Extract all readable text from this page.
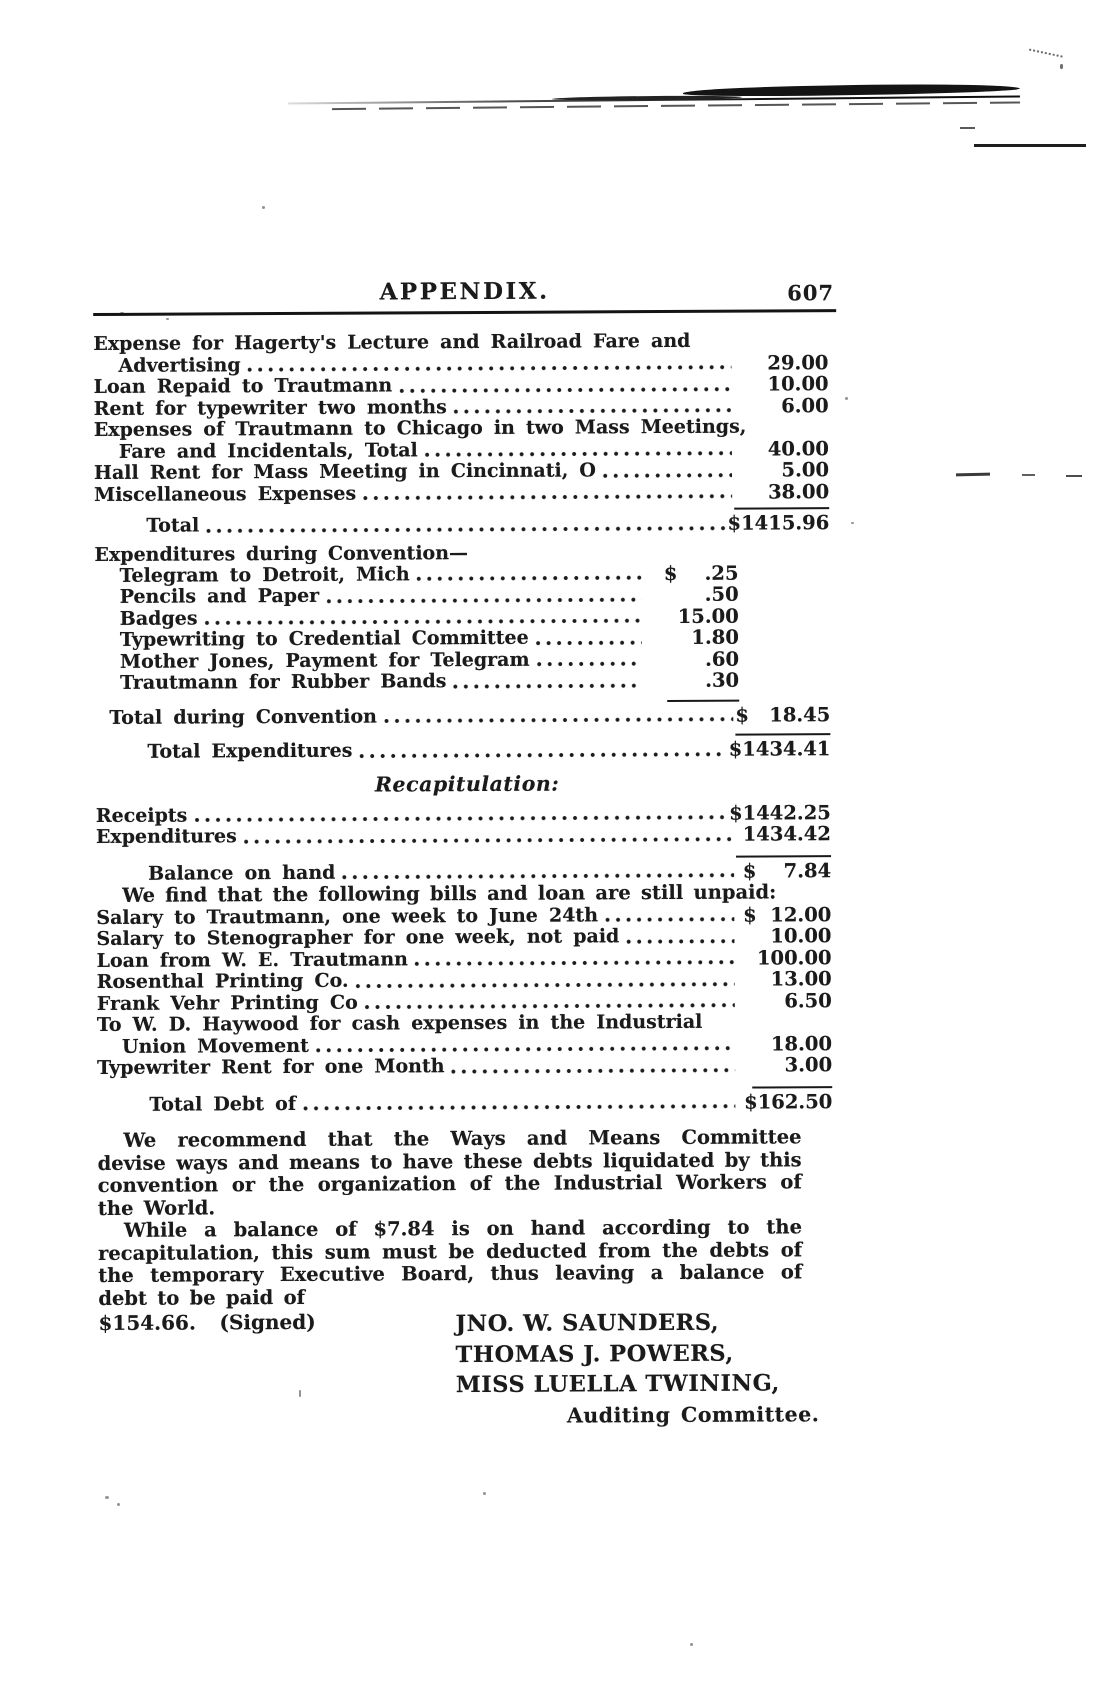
APPENDIX.	607
Expense for Hagerty's Lecture and Railroad Fare and
Advertising	29.00
Loan Repaid to Trautmann	10.00
Rent for typewriter two months	6.00
Expenses of Trautmann to Chicago in two Mass Meetings,
Fare and Incidentals, Total	40.00
Hall Rent for Mass Meeting in Cincinnati, O	5.00
Miscellaneous Expenses	38.00
Total	$1415.96
Expenditures during Convention—
Telegram to Detroit, Mich	$    .25
Pencils and Paper	.50
Badges	15.00
Typewriting to Credential Committee	1.80
Mother Jones, Payment for Telegram	.60
Trautmann for Rubber Bands	.30
Total during Convention	$   18.45
Total Expenditures	$1434.41
Recapitulation:
Receipts	$1442.25
Expenditures	1434.42
Balance on hand	$    7.84
We find that the following bills and loan are still unpaid:
Salary to Trautmann, one week to June 24th	$  12.00
Salary to Stenographer for one week, not paid	10.00
Loan from W. E. Trautmann	100.00
Rosenthal Printing Co.	13.00
Frank Vehr Printing Co	6.50
To W. D. Haywood for cash expenses in the Industrial
Union Movement	18.00
Typewriter Rent for one Month	3.00
Total Debt of	$162.50
We recommend that the Ways and Means Committee devise ways and means to have these debts liquidated by this convention or the organization of the Industrial Workers of the World.
While a balance of $7.84 is on hand according to the recapitulation, this sum must be deducted from the debts of the temporary Executive Board, thus leaving a balance of debt to be paid of
$154.66.	(Signed)	JNO. W. SAUNDERS,
THOMAS J. POWERS,
MISS LUELLA TWINING,
Auditing Committee.
